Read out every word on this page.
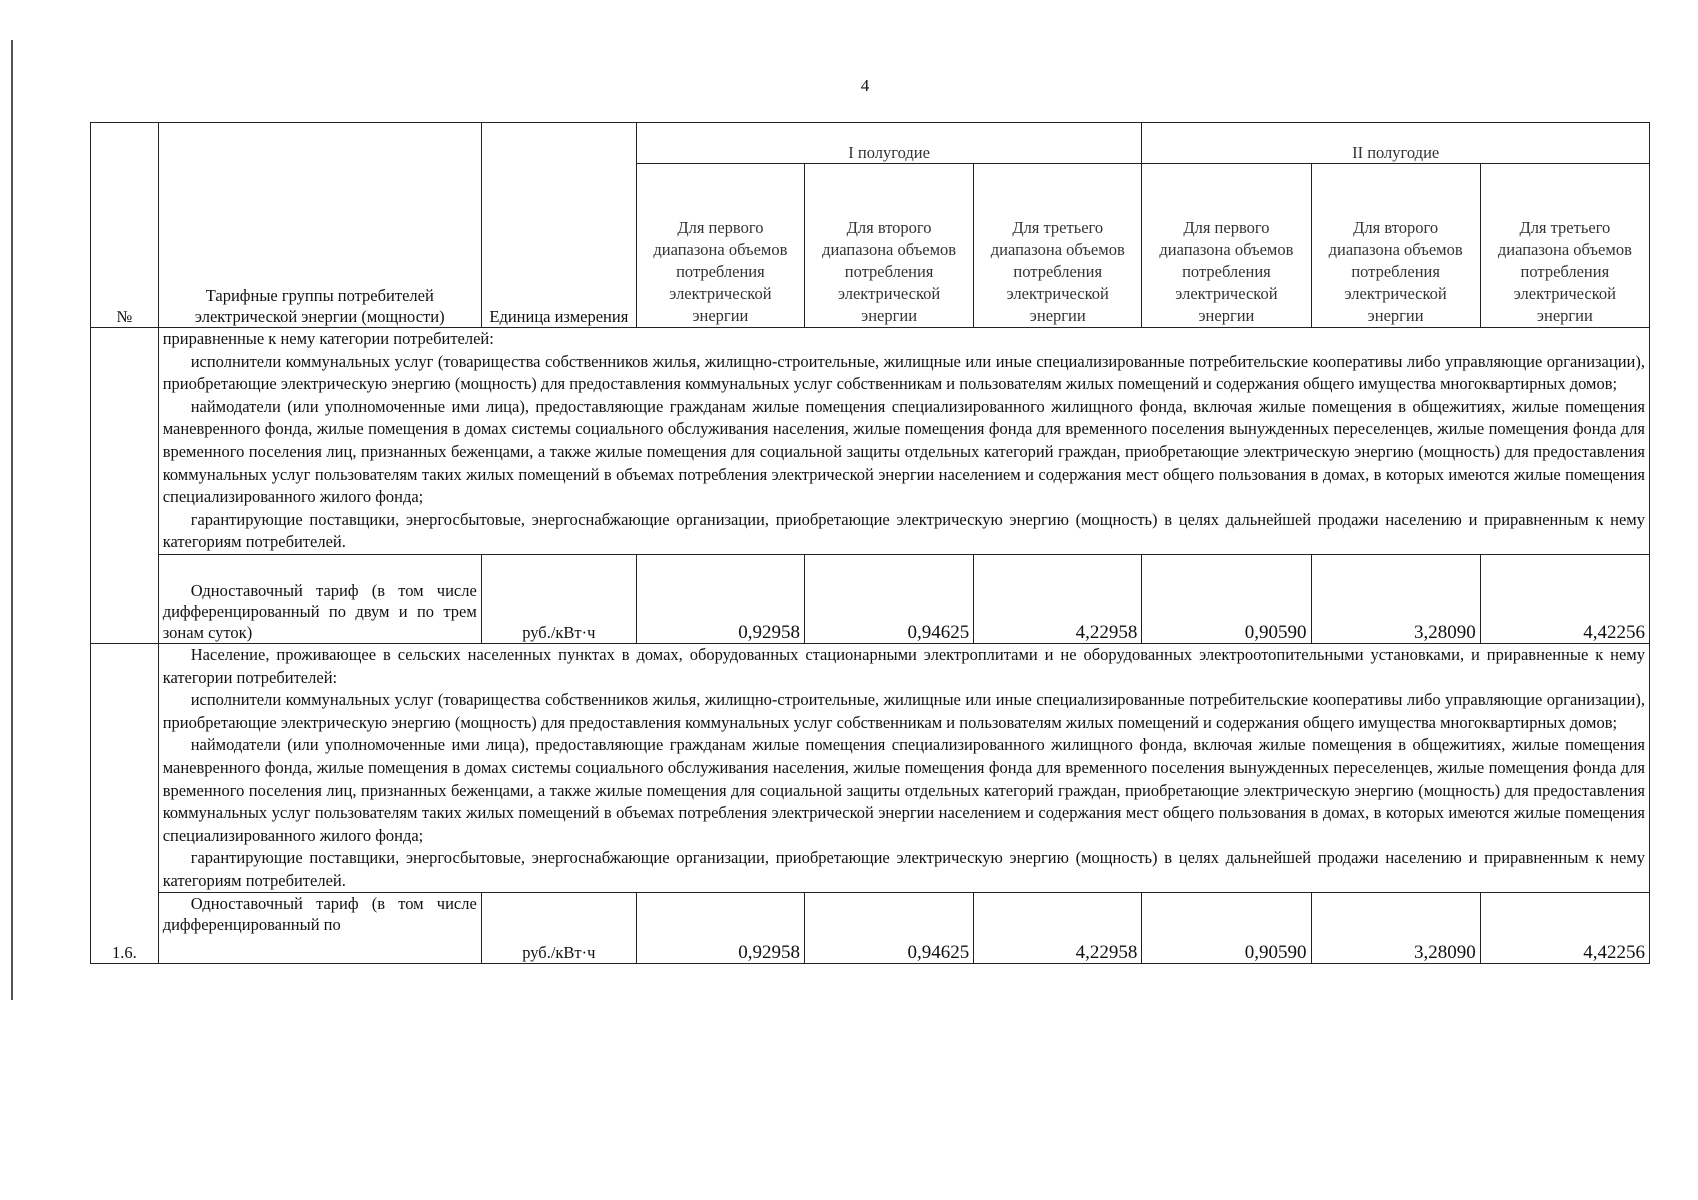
4
№	Тарифные группы потребителей электрической энергии (мощности)	Единица измерения	I полугодие			II полугодие		
			Для первого диапазона объемов потребления электрической энергии	Для второго диапазона объемов потребления электрической энергии	Для третьего диапазона объемов потребления электрической энергии	Для первого диапазона объемов потребления электрической энергии	Для второго диапазона объемов потребления электрической энергии	Для третьего диапазона объемов потребления электрической энергии

	приравненные к нему категории потребителей:

исполнители коммунальных услуг (товарищества собственников жилья, жилищно-строительные, жилищные или иные специализированные потребительские кооперативы либо управляющие организации), приобретающие электрическую энергию (мощность) для предоставления коммунальных услуг собственникам и пользователям жилых помещений и содержания общего имущества многоквартирных домов;

наймодатели (или уполномоченные ими лица), предоставляющие гражданам жилые помещения специализированного жилищного фонда, включая жилые помещения в общежитиях, жилые помещения маневренного фонда, жилые помещения в домах системы социального обслуживания населения, жилые помещения фонда для временного поселения вынужденных переселенцев, жилые помещения фонда для временного поселения лиц, признанных беженцами, а также жилые помещения для социальной защиты отдельных категорий граждан, приобретающие электрическую энергию (мощность) для предоставления коммунальных услуг пользователям таких жилых помещений в объемах потребления электрической энергии населением и содержания мест общего пользования в домах, в которых имеются жилые помещения специализированного жилого фонда;

гарантирующие поставщики, энергосбытовые, энергоснабжающие организации, приобретающие электрическую энергию (мощность) в целях дальнейшей продажи населению и приравненным к нему категориям потребителей.							

	Одноставочный тариф (в том числе дифференцированный по двум и по трем зонам суток)	руб./кВт·ч	0,92958	0,94625	4,22958	0,90590	3,28090	4,42256
1.6.	Население, проживающее в сельских населенных пунктах в домах, оборудованных стационарными электроплитами и не оборудованных электроотопительными установками, и приравненные к нему категории потребителей:

исполнители коммунальных услуг (товарищества собственников жилья, жилищно-строительные, жилищные или иные специализированные потребительские кооперативы либо управляющие организации), приобретающие электрическую энергию (мощность) для предоставления коммунальных услуг собственникам и пользователям жилых помещений и содержания общего имущества многоквартирных домов;

наймодатели (или уполномоченные ими лица), предоставляющие гражданам жилые помещения специализированного жилищного фонда, включая жилые помещения в общежитиях, жилые помещения маневренного фонда, жилые помещения в домах системы социального обслуживания населения, жилые помещения фонда для временного поселения вынужденных переселенцев, жилые помещения фонда для временного поселения лиц, признанных беженцами, а также жилые помещения для социальной защиты отдельных категорий граждан, приобретающие электрическую энергию (мощность) для предоставления коммунальных услуг пользователям таких жилых помещений в объемах потребления электрической энергии населением и содержания мест общего пользования в домах, в которых имеются жилые помещения специализированного жилого фонда;

гарантирующие поставщики, энергосбытовые, энергоснабжающие организации, приобретающие электрическую энергию (мощность) в целях дальнейшей продажи населению и приравненным к нему категориям потребителей.							

	Одноставочный тариф (в том числе дифференцированный по	руб./кВт·ч	0,92958	0,94625	4,22958	0,90590	3,28090	4,42256
